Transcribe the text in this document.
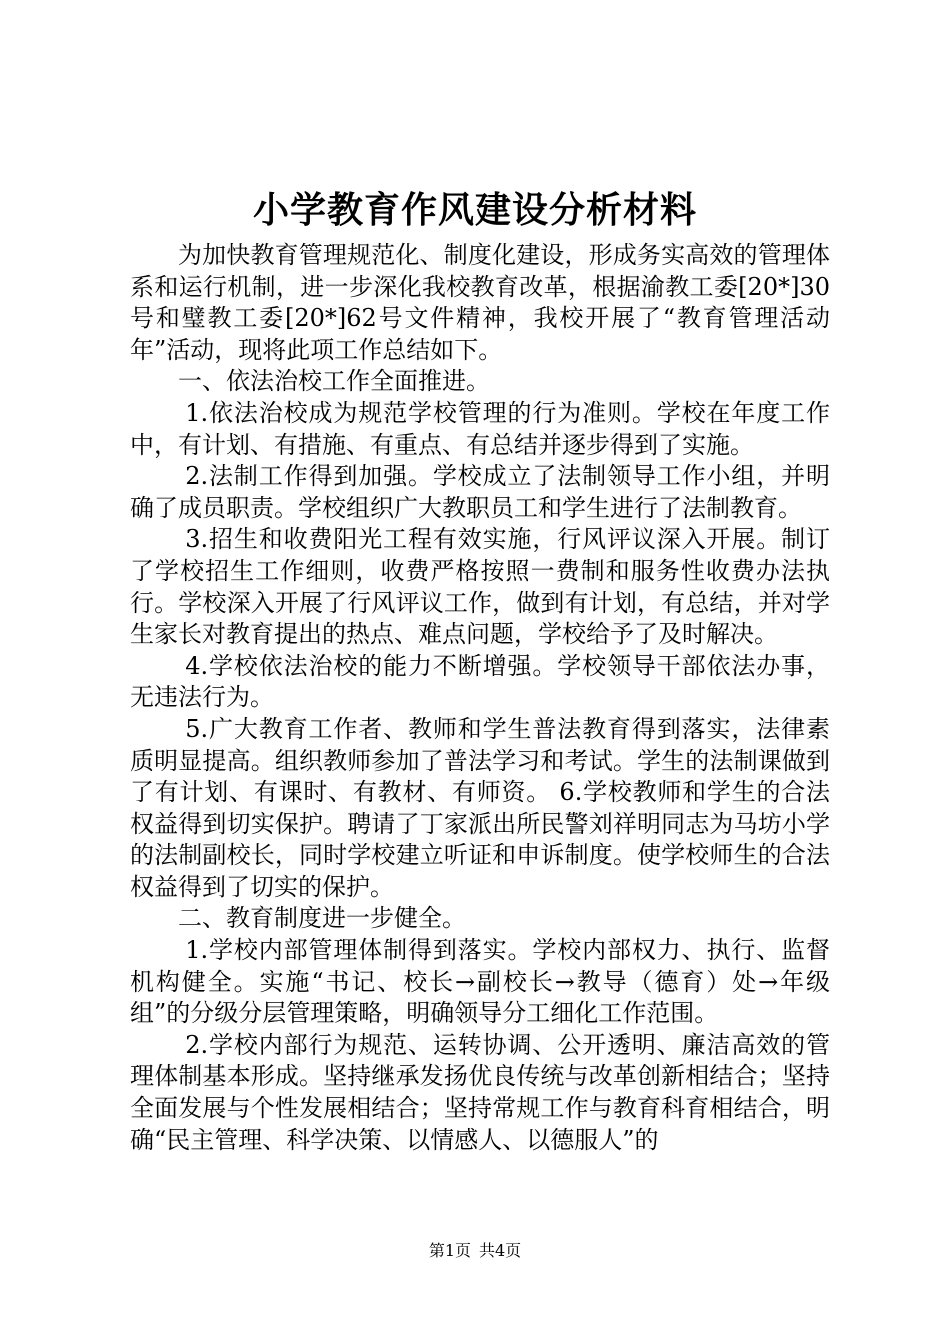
小学教育作风建设分析材料

为加快教育管理规范化、制度化建设，形成务实高效的管理体系和运行机制，进一步深化我校教育改革，根据渝教工委[20*]30号和璧教工委[20*]62号文件精神，我校开展了“教育管理活动年”活动，现将此项工作总结如下。

一、依法治校工作全面推进。

1.依法治校成为规范学校管理的行为准则。学校在年度工作中，有计划、有措施、有重点、有总结并逐步得到了实施。

2.法制工作得到加强。学校成立了法制领导工作小组，并明确了成员职责。学校组织广大教职员工和学生进行了法制教育。

3.招生和收费阳光工程有效实施，行风评议深入开展。制订了学校招生工作细则，收费严格按照一费制和服务性收费办法执行。学校深入开展了行风评议工作，做到有计划，有总结，并对学生家长对教育提出的热点、难点问题，学校给予了及时解决。

4.学校依法治校的能力不断增强。学校领导干部依法办事，无违法行为。

5.广大教育工作者、教师和学生普法教育得到落实，法律素质明显提高。组织教师参加了普法学习和考试。学生的法制课做到了有计划、有课时、有教材、有师资。 6.学校教师和学生的合法权益得到切实保护。聘请了丁家派出所民警刘祥明同志为马坊小学的法制副校长，同时学校建立听证和申诉制度。使学校师生的合法权益得到了切实的保护。

二、教育制度进一步健全。

1.学校内部管理体制得到落实。学校内部权力、执行、监督机构健全。实施“书记、校长→副校长→教导（德育）处→年级组”的分级分层管理策略，明确领导分工细化工作范围。

2.学校内部行为规范、运转协调、公开透明、廉洁高效的管理体制基本形成。坚持继承发扬优良传统与改革创新相结合；坚持全面发展与个性发展相结合；坚持常规工作与教育科育相结合，明确“民主管理、科学决策、以情感人、以德服人”的

第1页 共4页
